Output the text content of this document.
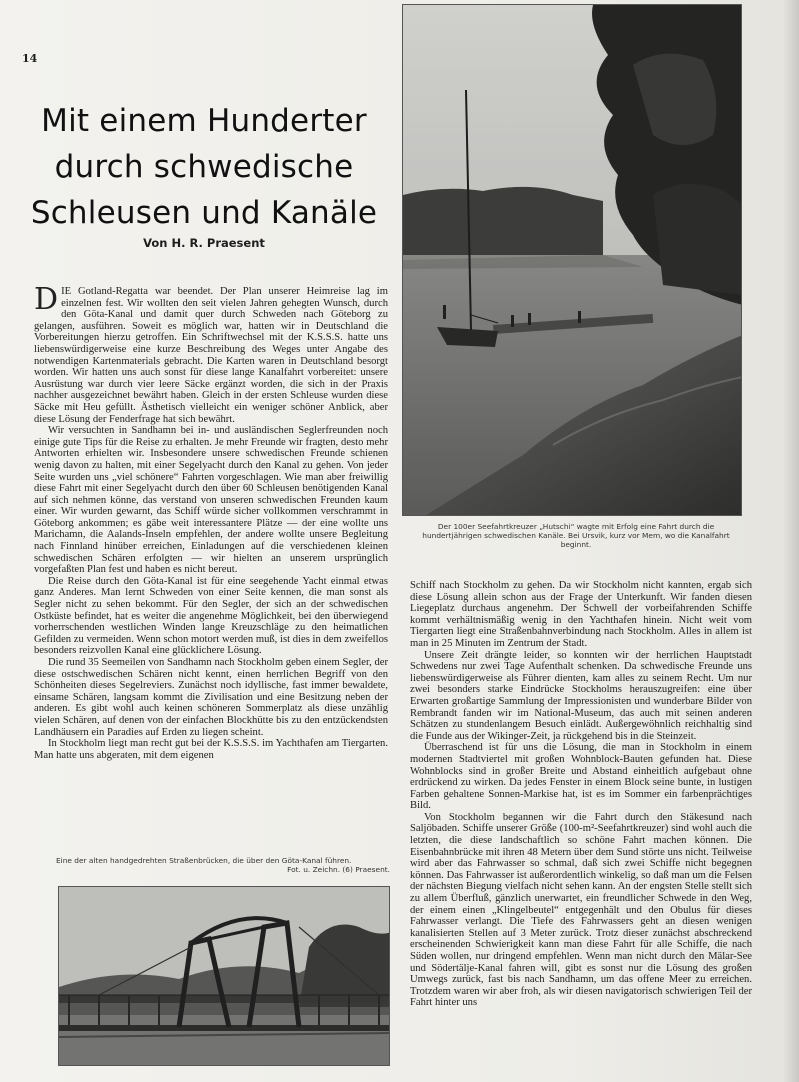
14
Mit einem Hunderter durch schwedische Schleusen und Kanäle
Von H. R. Praesent
Der 100er Seefahrtkreuzer „Hutschi“ wagte mit Erfolg eine Fahrt durch die hundertjährigen schwedischen Kanäle. Bei Ursvik, kurz vor Mem, wo die Kanalfahrt beginnt.

DIE Gotland-Regatta war beendet. Der Plan unserer Heimreise lag im einzelnen fest. Wir wollten den seit vielen Jahren gehegten Wunsch, durch den Göta-Kanal und damit quer durch Schweden nach Göteborg zu gelangen, ausführen. Soweit es möglich war, hatten wir in Deutschland die Vorbereitungen hierzu getroffen. Ein Schriftwechsel mit der K.S.S.S. hatte uns liebenswürdigerweise eine kurze Beschreibung des Weges unter Angabe des notwendigen Kartenmaterials gebracht. Die Karten waren in Deutschland besorgt worden. Wir hatten uns auch sonst für diese lange Kanalfahrt vorbereitet: unsere Ausrüstung war durch vier leere Säcke ergänzt worden, die sich in der Praxis nachher ausgezeichnet bewährt haben. Gleich in der ersten Schleuse wurden diese Säcke mit Heu gefüllt. Ästhetisch vielleicht ein weniger schöner Anblick, aber diese Lösung der Fenderfrage hat sich bewährt.

Wir versuchten in Sandhamn bei in- und ausländischen Seglerfreunden noch einige gute Tips für die Reise zu erhalten. Je mehr Freunde wir fragten, desto mehr Antworten erhielten wir. Insbesondere unsere schwedischen Freunde schienen wenig davon zu halten, mit einer Segelyacht durch den Kanal zu gehen. Von jeder Seite wurden uns „viel schönere“ Fahrten vorgeschlagen. Wie man aber freiwillig diese Fahrt mit einer Segelyacht durch den über 60 Schleusen benötigenden Kanal auf sich nehmen könne, das verstand von unseren schwedischen Freunden kaum einer. Wir wurden gewarnt, das Schiff würde sicher vollkommen verschrammt in Göteborg ankommen; es gäbe weit interessantere Plätze — der eine wollte uns Marichamn, die Aalands-Inseln empfehlen, der andere wollte unsere Begleitung nach Finnland hinüber erreichen, Einladungen auf die verschiedenen kleinen schwedischen Schären erfolgten — wir hielten an unserem ursprünglich vorgefaßten Plan fest und haben es nicht bereut.

Die Reise durch den Göta-Kanal ist für eine seegehende Yacht einmal etwas ganz Anderes. Man lernt Schweden von einer Seite kennen, die man sonst als Segler nicht zu sehen bekommt. Für den Segler, der sich an der schwedischen Ostküste befindet, hat es weiter die angenehme Möglichkeit, bei den überwiegend vorherrschenden westlichen Winden lange Kreuzschläge zu den heimatlichen Gefilden zu vermeiden. Wenn schon motort werden muß, ist dies in dem zweifellos besonders reizvollen Kanal eine glücklichere Lösung.

Die rund 35 Seemeilen von Sandhamn nach Stockholm geben einem Segler, der diese ostschwedischen Schären nicht kennt, einen herrlichen Begriff von den Schönheiten dieses Segelreviers. Zunächst noch idyllische, fast immer bewaldete, einsame Schären, langsam kommt die Zivilisation und eine Besitzung neben der anderen. Es gibt wohl auch keinen schöneren Sommerplatz als diese unzählig vielen Schären, auf denen von der einfachen Blockhütte bis zu den entzückendsten Landhäusern ein Paradies auf Erden zu liegen scheint.

In Stockholm liegt man recht gut bei der K.S.S.S. im Yachthafen am Tiergarten. Man hatte uns abgeraten, mit dem eigenen

Schiff nach Stockholm zu gehen. Da wir Stockholm nicht kannten, ergab sich diese Lösung allein schon aus der Frage der Unterkunft. Wir fanden diesen Liegeplatz durchaus angenehm. Der Schwell der vorbeifahrenden Schiffe kommt verhältnismäßig wenig in den Yachthafen hinein. Nicht weit vom Tiergarten liegt eine Straßenbahnverbindung nach Stockholm. Alles in allem ist man in 25 Minuten im Zentrum der Stadt.

Unsere Zeit drängte leider, so konnten wir der herrlichen Hauptstadt Schwedens nur zwei Tage Aufenthalt schenken. Da schwedische Freunde uns liebenswürdigerweise als Führer dienten, kam alles zu seinem Recht. Um nur zwei besonders starke Eindrücke Stockholms herauszugreifen: eine über Erwarten großartige Sammlung der Impressionisten und wunderbare Bilder von Rembrandt fanden wir im National-Museum, das auch mit seinen anderen Schätzen zu stundenlangem Besuch einlädt. Außergewöhnlich reichhaltig sind die Funde aus der Wikinger-Zeit, ja rückgehend bis in die Steinzeit.

Überraschend ist für uns die Lösung, die man in Stockholm in einem modernen Stadtviertel mit großen Wohnblock-Bauten gefunden hat. Diese Wohnblocks sind in großer Breite und Abstand einheitlich aufgebaut ohne erdrückend zu wirken. Da jedes Fenster in einem Block seine bunte, in lustigen Farben gehaltene Sonnen-Markise hat, ist es im Sommer ein farbenprächtiges Bild.

Von Stockholm begannen wir die Fahrt durch den Stäkesund nach Saljöbaden. Schiffe unserer Größe (100-m²-Seefahrtkreuzer) sind wohl auch die letzten, die diese landschaftlich so schöne Fahrt machen können. Die Eisenbahnbrücke mit ihren 48 Metern über dem Sund störte uns nicht. Teilweise wird aber das Fahrwasser so schmal, daß sich zwei Schiffe nicht begegnen können. Das Fahrwasser ist außerordentlich winkelig, so daß man um die Felsen der nächsten Biegung vielfach nicht sehen kann. An der engsten Stelle stellt sich zu allem Überfluß, gänzlich unerwartet, ein freundlicher Schwede in den Weg, der einem einen „Klingelbeutel“ entgegenhält und den Obulus für dieses Fahrwasser verlangt. Die Tiefe des Fahrwassers geht an diesen wenigen kanalisierten Stellen auf 3 Meter zurück. Trotz dieser zunächst abschreckend erscheinenden Schwierigkeit kann man diese Fahrt für alle Schiffe, die nach Süden wollen, nur dringend empfehlen. Wenn man nicht durch den Mälar-See und Södertälje-Kanal fahren will, gibt es sonst nur die Lösung des großen Umwegs zurück, fast bis nach Sandhamn, um das offene Meer zu erreichen. Trotzdem waren wir aber froh, als wir diesen navigatorisch schwierigen Teil der Fahrt hinter uns

Eine der alten handgedrehten Straßenbrücken, die über den Göta-Kanal führen.
Fot. u. Zeichn. (6) Praesent.
